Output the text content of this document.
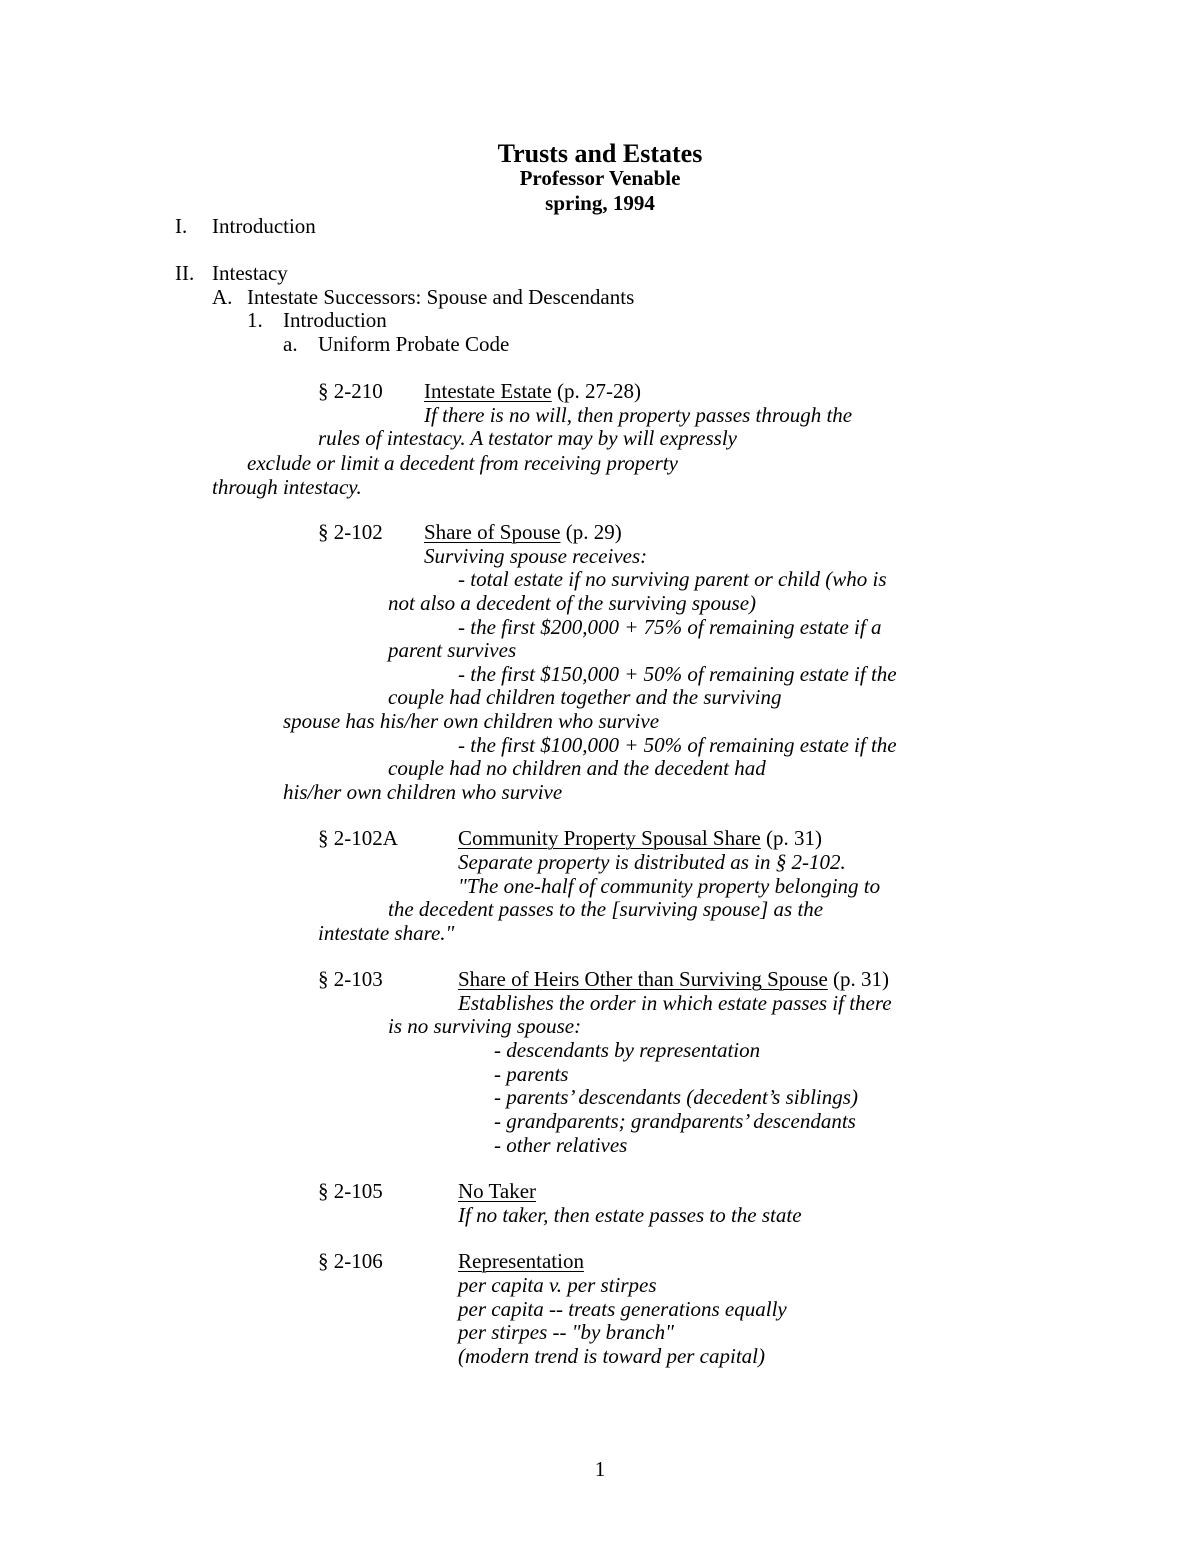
Trusts and Estates
Professor Venable
spring, 1994
I. Introduction
II. Intestacy
A. Intestate Successors: Spouse and Descendants
1. Introduction
a. Uniform Probate Code
§ 2-210 Intestate Estate (p. 27-28)
If there is no will, then property passes through the
rules of intestacy. A testator may by will expressly
exclude or limit a decedent from receiving property
through intestacy.
§ 2-102 Share of Spouse (p. 29)
Surviving spouse receives:
- total estate if no surviving parent or child (who is
not also a decedent of the surviving spouse)
- the first $200,000 + 75% of remaining estate if a
parent survives
- the first $150,000 + 50% of remaining estate if the
couple had children together and the surviving
spouse has his/her own children who survive
- the first $100,000 + 50% of remaining estate if the
couple had no children and the decedent had
his/her own children who survive
§ 2-102A	Community Property Spousal Share (p. 31)
Separate property is distributed as in § 2-102.
"The one-half of community property belonging to
the decedent passes to the [surviving spouse] as the
intestate share."
§ 2-103	Share of Heirs Other than Surviving Spouse (p. 31)
Establishes the order in which estate passes if there
is no surviving spouse:
- descendants by representation
- parents
- parents’ descendants (decedent’s siblings)
- grandparents; grandparents’ descendants
- other relatives
§ 2-105	No Taker
If no taker, then estate passes to the state
§ 2-106	Representation
per capita v. per stirpes
per capita -- treats generations equally
per stirpes -- "by branch"
(modern trend is toward per capital)
1
